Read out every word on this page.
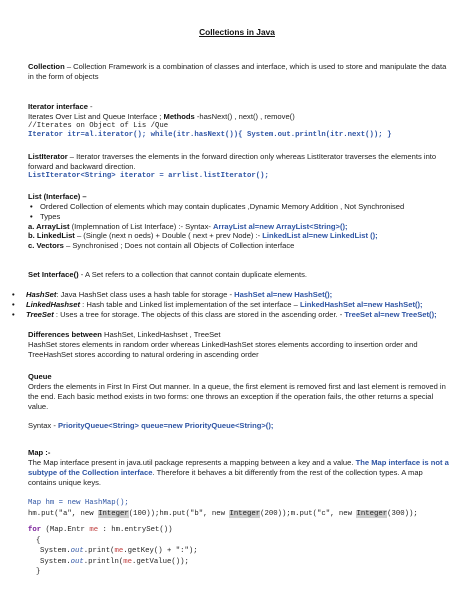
Collections in Java
Collection – Collection Framework is a combination of classes and interface, which is used to store and manipulate the data in the form of objects
Iterator interface -
Iterates Over List and Queue Interface ; Methods -hasNext() , next() , remove()
//Iterates on Object of Lis /Que
Iterator itr=al.iterator(); while(itr.hasNext()){ System.out.println(itr.next()); }
ListIterator – Iterator traverses the elements in the forward direction only whereas ListIterator traverses the elements into forward and backward direction.
ListIterator<String> iterator = arrlist.listIterator();
List (Interface) –
• Ordered Collection of elements which may contain duplicates ,Dynamic Memory Addition , Not Synchronised
• Types
a. ArrayList (Implemnation of List Interface) :- Syntax- ArrayList al=new ArrayList<String>();
b. LinkedList – (Single (next n oeds) + Double ( next + prev Node) :- LinkedList al=new LinkedList ();
c. Vectors – Synchronised ; Does not contain all Objects of Collection interface
Set Interface() - A Set refers to a collection that cannot contain duplicate elements.
• HashSet: Java HashSet class uses a hash table for storage - HashSet al=new HashSet();
• LinkedHashset : Hash table and Linked list implementation of the set interface – LinkedHashSet al=new HashSet();
• TreeSet : Uses a tree for storage. The objects of this class are stored in the ascending order. - TreeSet al=new TreeSet();
Differences between HashSet, LinkedHashset , TreeSet
HashSet stores elements in random order whereas LinkedHashSet stores elements according to insertion order and TreeHashSet stores according to natural ordering in ascending order
Queue
Orders the elements in First In First Out manner. In a queue, the first element is removed first and last element is removed in the end. Each basic method exists in two forms: one throws an exception if the operation fails, the other returns a special value.
Syntax - PriorityQueue<String> queue=new PriorityQueue<String>();
Map :-
The Map interface present in java.util package represents a mapping between a key and a value. The Map interface is not a subtype of the Collection interface. Therefore it behaves a bit differently from the rest of the collection types. A map contains unique keys.
Map hm = new HashMap();
hm.put("a", new Integer(100));hm.put("b", new Integer(200));m.put("c", new Integer(300));
for (Map.Entr me : hm.entrySet())
{
System.out.print(me.getKey() + ":");
System.out.println(me.getValue());
}
